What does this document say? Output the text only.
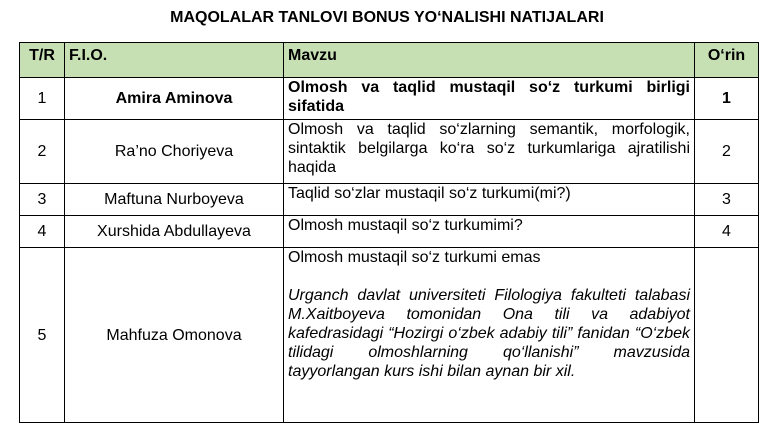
MAQOLALAR TANLOVI BONUS YO‘NALISHI NATIJALARI
T/R	F.I.O.	Mavzu	O‘rin
1	Amira Aminova	Olmosh va taqlid mustaqil so‘z turkumi birligi sifatida	1
2	Ra’no Choriyeva	Olmosh va taqlid so‘zlarning semantik, morfologik, sintaktik belgilarga ko‘ra so‘z turkumlariga ajratilishi haqida	2
3	Maftuna Nurboyeva	Taqlid so‘zlar mustaqil so‘z turkumi(mi?)	3
4	Xurshida Abdullayeva	Olmosh mustaqil so‘z turkumimi?	4
5	Mahfuza Omonova	Olmosh mustaqil so‘z turkumi emas
Urganch davlat universiteti Filologiya fakulteti talabasi M.Xaitboyeva tomonidan Ona tili va adabiyot kafedrasidagi “Hozirgi o‘zbek adabiy tili” fanidan “O‘zbek tilidagi olmoshlarning qo‘llanishi” mavzusida tayyorlangan kurs ishi bilan aynan bir xil.	
